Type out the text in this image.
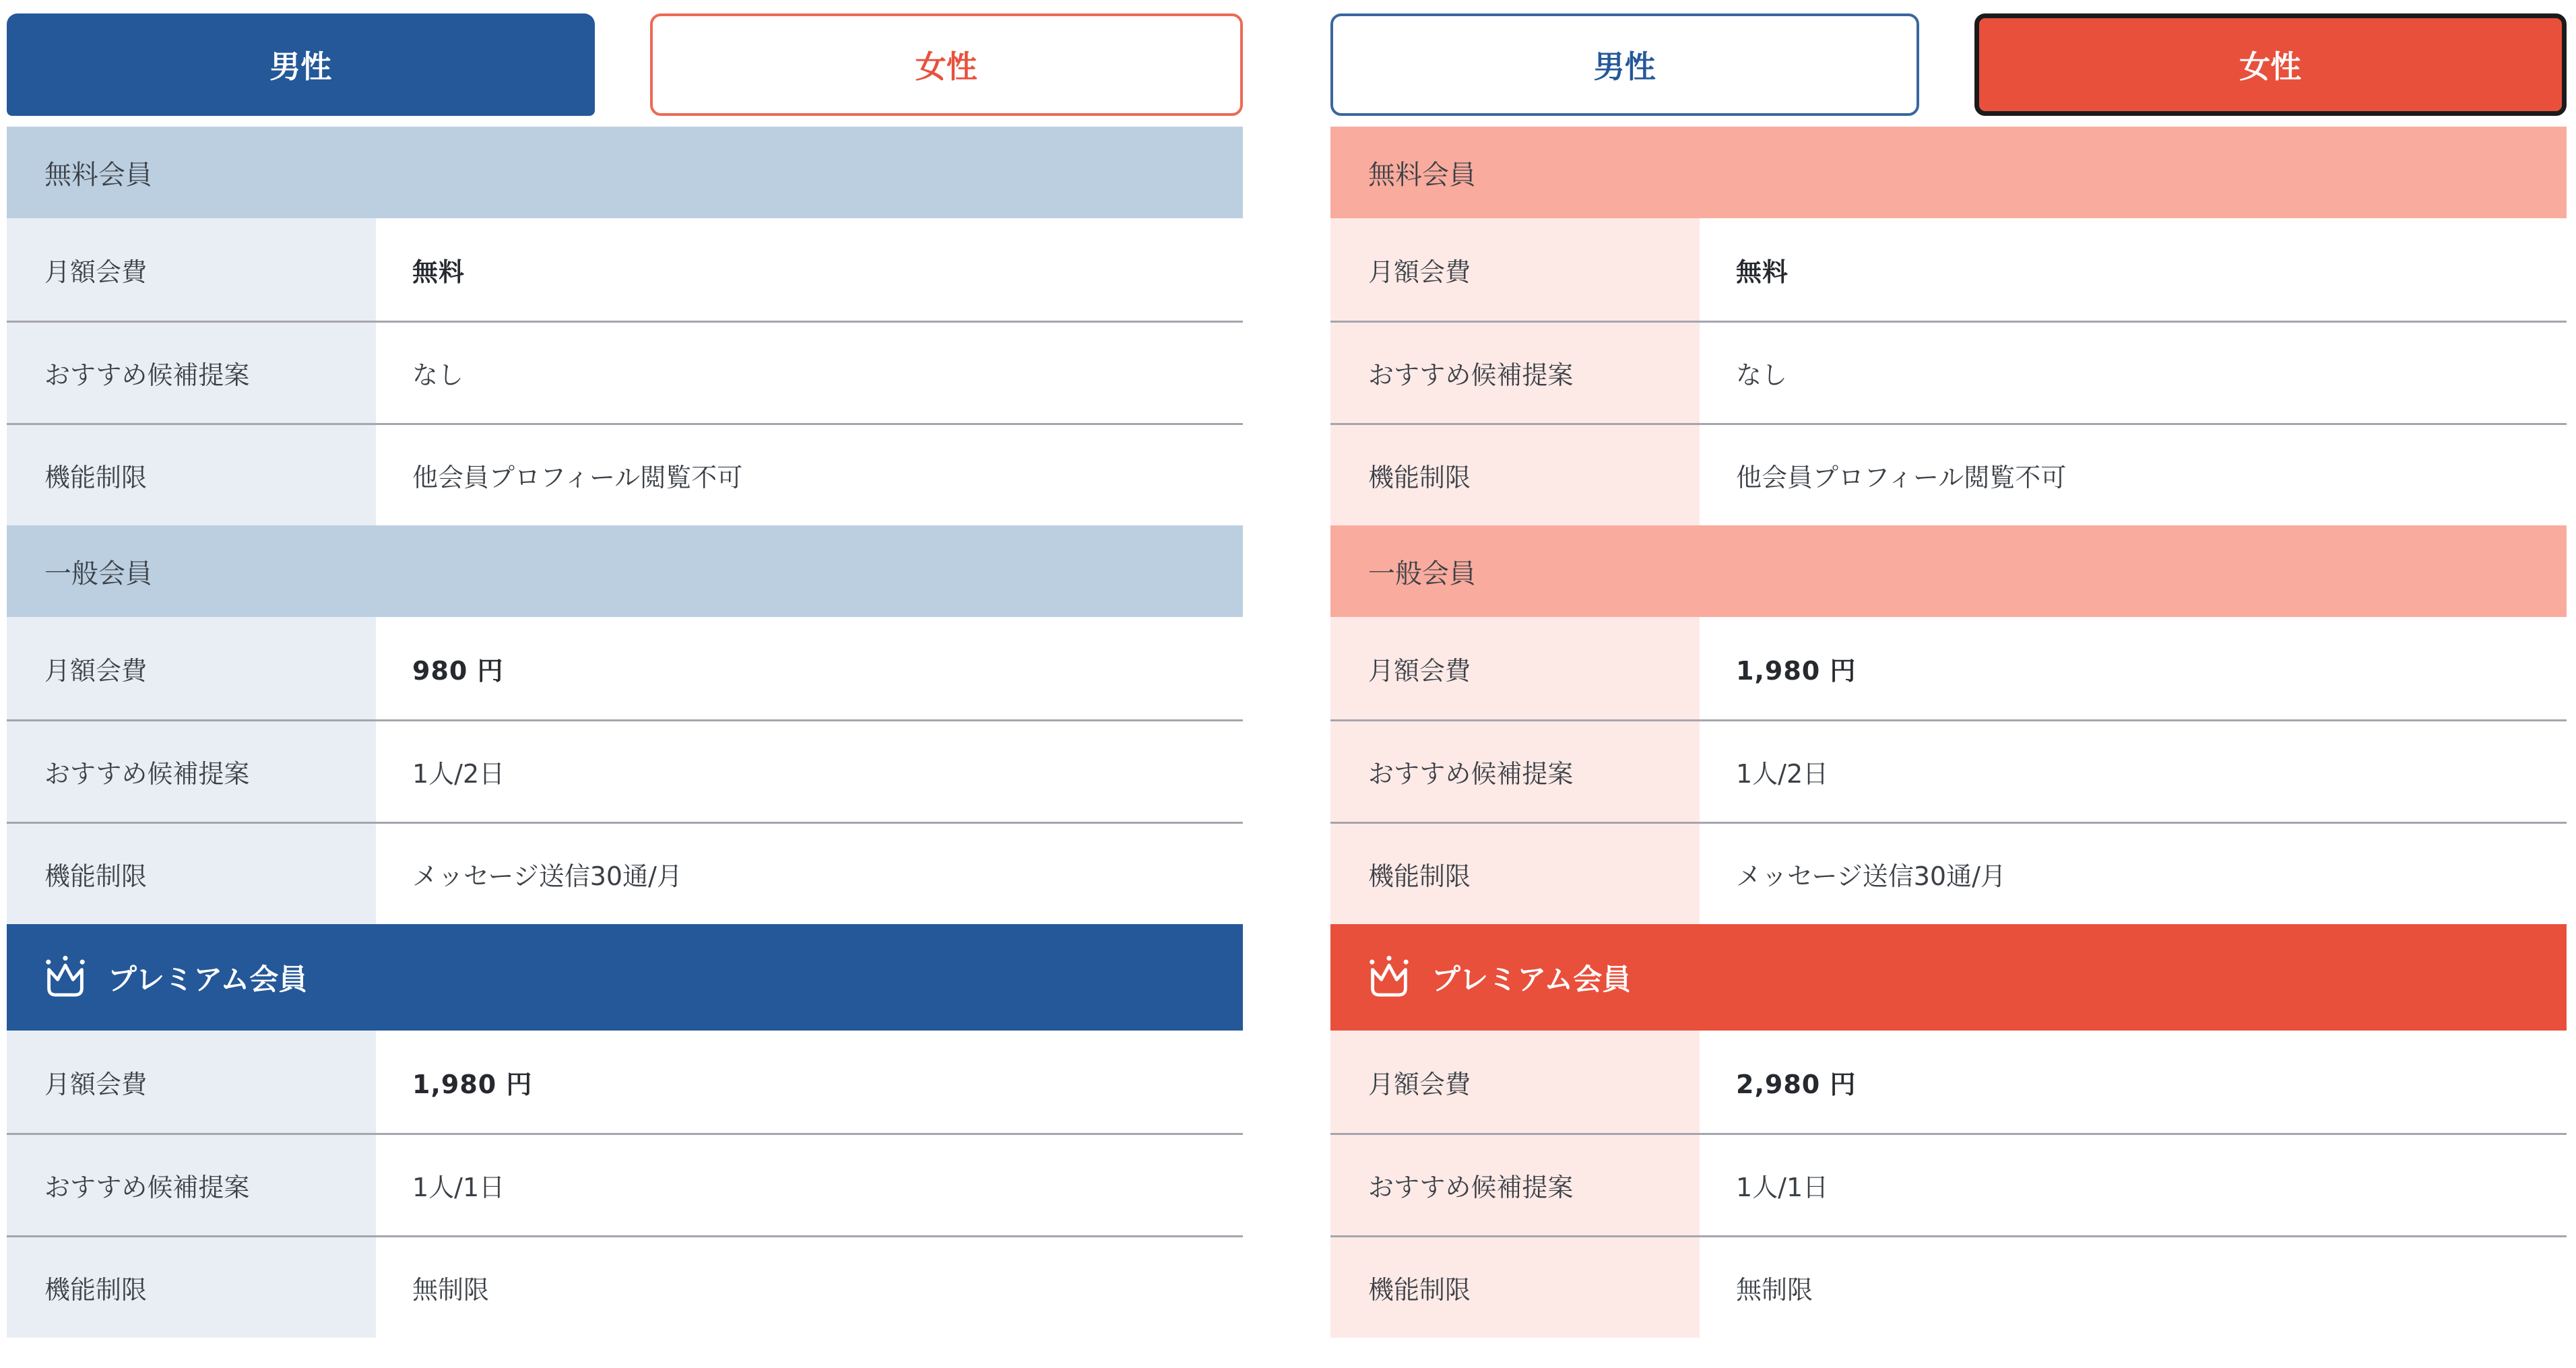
男性	女性
無料会員
月額会費	無料
おすすめ候補提案	なし
機能制限	他会員プロフィール閲覧不可
一般会員
月額会費	980 円
おすすめ候補提案	1人/2日
機能制限	メッセージ送信30通/月
プレミアム会員
月額会費	1,980 円
おすすめ候補提案	1人/1日
機能制限	無制限
男性	女性
無料会員
月額会費	無料
おすすめ候補提案	なし
機能制限	他会員プロフィール閲覧不可
一般会員
月額会費	1,980 円
おすすめ候補提案	1人/2日
機能制限	メッセージ送信30通/月
プレミアム会員
月額会費	2,980 円
おすすめ候補提案	1人/1日
機能制限	無制限
